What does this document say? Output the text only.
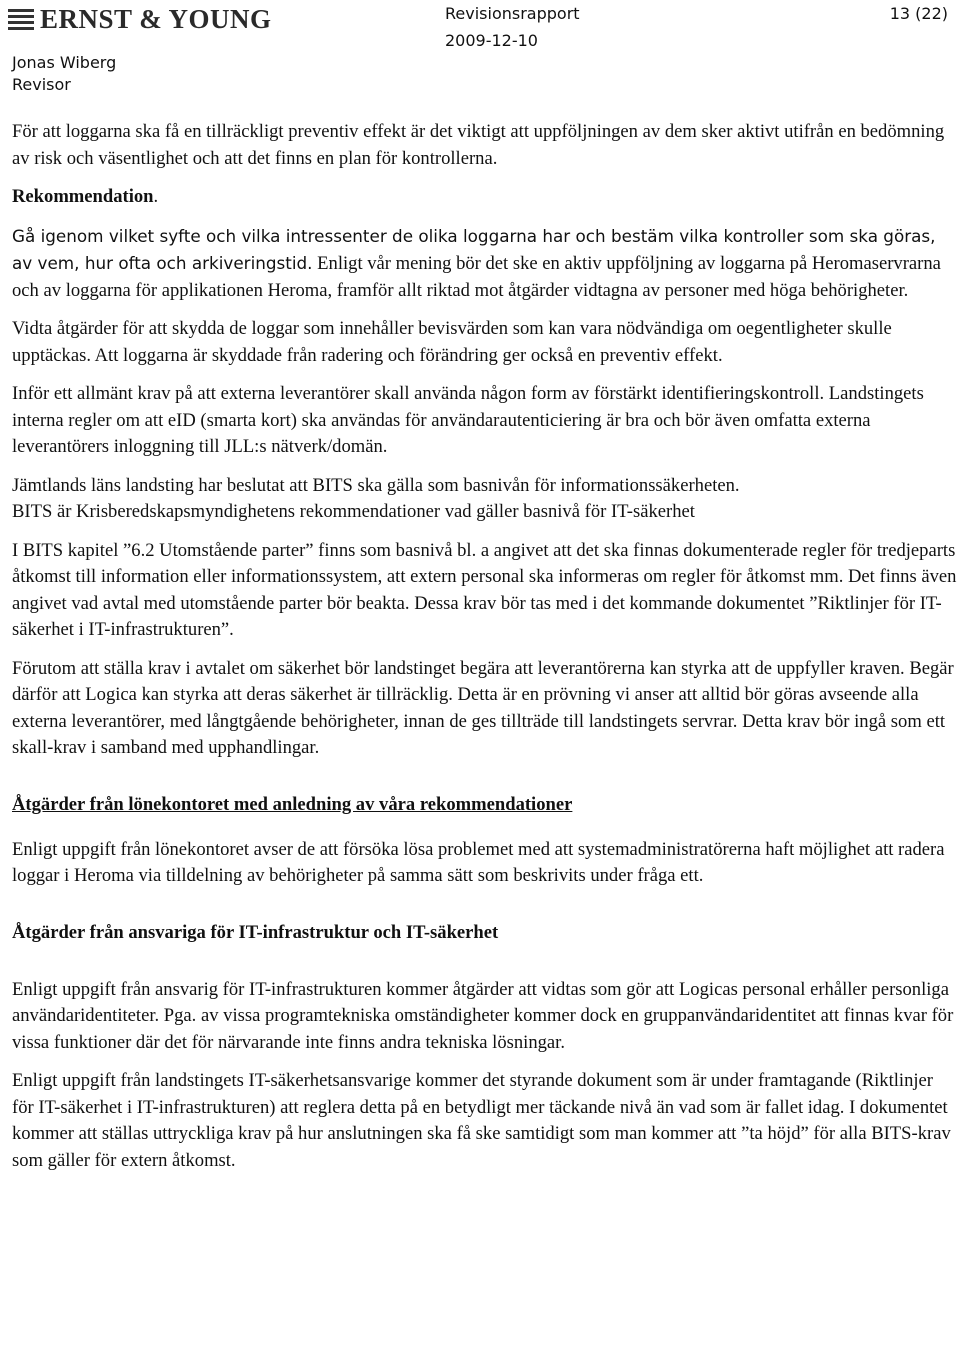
ERNST & YOUNG
Jonas Wiberg
Revisor
Revisionsrapport
2009-12-10
13 (22)

För att loggarna ska få en tillräckligt preventiv effekt är det viktigt att uppföljningen av dem sker aktivt utifrån en bedömning av risk och väsentlighet och att det finns en plan för kontrollerna.

Rekommendation.

Gå igenom vilket syfte och vilka intressenter de olika loggarna har och bestäm vilka kontroller som ska göras, av vem, hur ofta och arkiveringstid. Enligt vår mening bör det ske en aktiv uppföljning av loggarna på Heromaservrarna och av loggarna för applikationen Heroma, framför allt riktad mot åtgärder vidtagna av personer med höga behörigheter.

Vidta åtgärder för att skydda de loggar som innehåller bevisvärden som kan vara nödvändiga om oegentligheter skulle upptäckas. Att loggarna är skyddade från radering och förändring ger också en preventiv effekt.

Inför ett allmänt krav på att externa leverantörer skall använda någon form av förstärkt identifieringskontroll. Landstingets interna regler om att eID (smarta kort) ska användas för användarautenticiering är bra och bör även omfatta externa leverantörers inloggning till JLL:s nätverk/domän.

Jämtlands läns landsting har beslutat att BITS ska gälla som basnivån för informationssäkerheten.

BITS är Krisberedskapsmyndighetens rekommendationer vad gäller basnivå för IT-säkerhet

I BITS kapitel ”6.2 Utomstående parter” finns som basnivå bl. a angivet att det ska finnas dokumenterade regler för tredjeparts åtkomst till information eller informationssystem, att extern personal ska informeras om regler för åtkomst mm. Det finns även angivet vad avtal med utomstående parter bör beakta. Dessa krav bör tas med i det kommande dokumentet ”Riktlinjer för IT-säkerhet i IT-infrastrukturen”.

Förutom att ställa krav i avtalet om säkerhet bör landstinget begära att leverantörerna kan styrka att de uppfyller kraven. Begär därför att Logica kan styrka att deras säkerhet är tillräcklig. Detta är en prövning vi anser att alltid bör göras avseende alla externa leverantörer, med långtgående behörigheter, innan de ges tillträde till landstingets servrar. Detta krav bör ingå som ett skall-krav i samband med upphandlingar.

Åtgärder från lönekontoret med anledning av våra rekommendationer

Enligt uppgift från lönekontoret avser de att försöka lösa problemet med att systemadministratörerna haft möjlighet att radera loggar i Heroma via tilldelning av behörigheter på samma sätt som beskrivits under fråga ett.

Åtgärder från ansvariga för IT-infrastruktur och IT-säkerhet

Enligt uppgift från ansvarig för IT-infrastrukturen kommer åtgärder att vidtas som gör att Logicas personal erhåller personliga användaridentiteter. Pga. av vissa programtekniska omständigheter kommer dock en gruppanvändaridentitet att finnas kvar för vissa funktioner där det för närvarande inte finns andra tekniska lösningar.

Enligt uppgift från landstingets IT-säkerhetsansvarige kommer det styrande dokument som är under framtagande (Riktlinjer för IT-säkerhet i IT-infrastrukturen) att reglera detta på en betydligt mer täckande nivå än vad som är fallet idag. I dokumentet kommer att ställas uttryckliga krav på hur anslutningen ska få ske samtidigt som man kommer att ”ta höjd” för alla BITS-krav som gäller för extern åtkomst.
